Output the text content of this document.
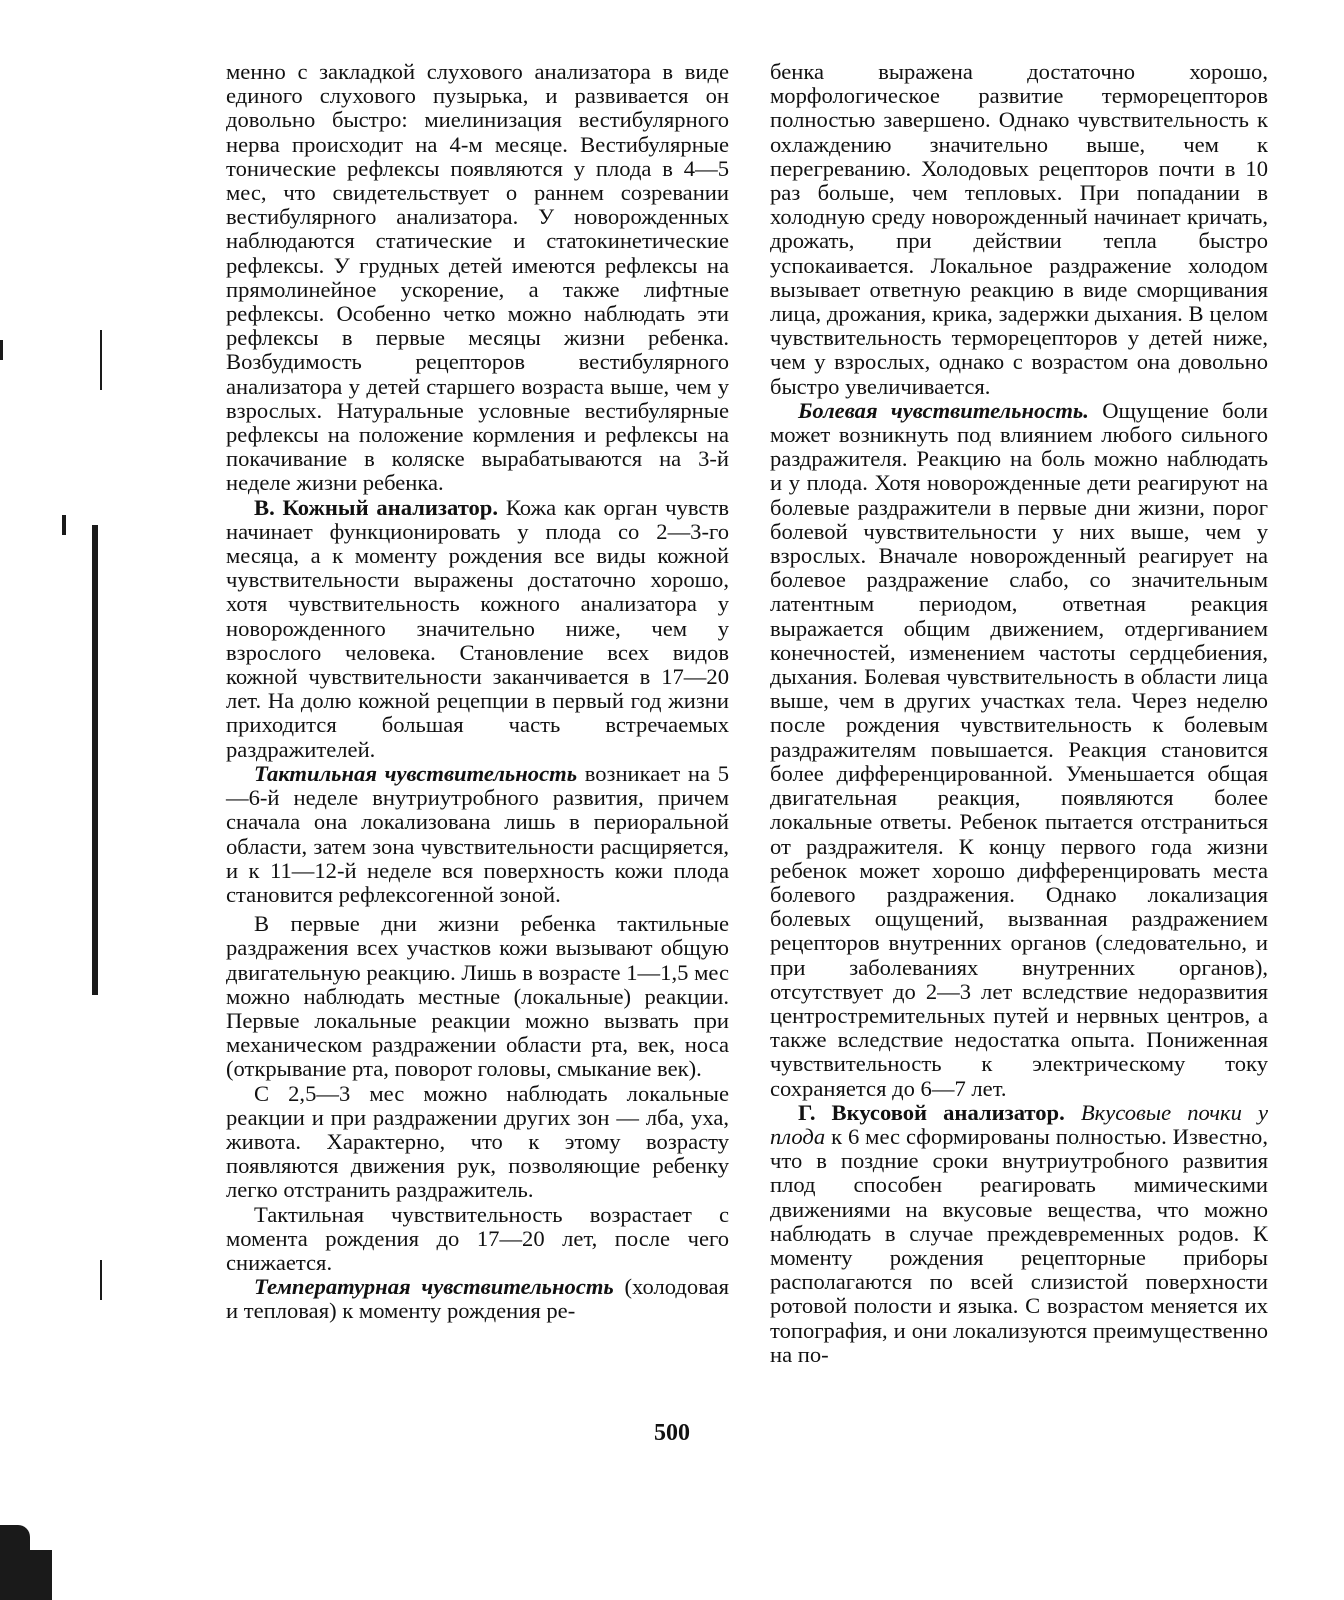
менно с закладкой слухового анализатора в виде единого слухового пузырька, и развивается он довольно быстро: миелинизация вестибулярного нерва происходит на 4-м месяце. Вестибулярные тонические рефлексы появляются у плода в 4—5 мес, что свидетельствует о раннем созревании вестибулярного анализатора. У новорожденных наблюдаются статические и статокинетические рефлексы. У грудных детей имеются рефлексы на прямолинейное ускорение, а также лифтные рефлексы. Особенно четко можно наблюдать эти рефлексы в первые месяцы жизни ребенка. Возбудимость рецепторов вестибулярного анализатора у детей старшего возраста выше, чем у взрослых. Натуральные условные вестибулярные рефлексы на положение кормления и рефлексы на покачивание в коляске вырабатываются на 3-й неделе жизни ребенка.

В. Кожный анализатор. Кожа как орган чувств начинает функционировать у плода со 2—3-го месяца, а к моменту рождения все виды кожной чувствительности выражены достаточно хорошо, хотя чувствительность кожного анализатора у новорожденного значительно ниже, чем у взрослого человека. Становление всех видов кожной чувствительности заканчивается в 17—20 лет. На долю кожной рецепции в первый год жизни приходится большая часть встречаемых раздражителей.

Тактильная чувствительность возникает на 5—6-й неделе внутриутробного развития, причем сначала она локализована лишь в периоральной области, затем зона чувствительности расщиряется, и к 11—12-й неделе вся поверхность кожи плода становится рефлексогенной зоной.

В первые дни жизни ребенка тактильные раздражения всех участков кожи вызывают общую двигательную реакцию. Лишь в возрасте 1—1,5 мес можно наблюдать местные (локальные) реакции. Первые локальные реакции можно вызвать при механическом раздражении области рта, век, носа (открывание рта, поворот головы, смыкание век).

С 2,5—3 мес можно наблюдать локальные реакции и при раздражении других зон — лба, уха, живота. Характерно, что к этому возрасту появляются движения рук, позволяющие ребенку легко отстранить раздражитель.

Тактильная чувствительность возрастает с момента рождения до 17—20 лет, после чего снижается.

Температурная чувствительность (холодовая и тепловая) к моменту рождения ре-

бенка выражена достаточно хорошо, морфологическое развитие терморецепторов полностью завершено. Однако чувствительность к охлаждению значительно выше, чем к перегреванию. Холодовых рецепторов почти в 10 раз больше, чем тепловых. При попадании в холодную среду новорожденный начинает кричать, дрожать, при действии тепла быстро успокаивается. Локальное раздражение холодом вызывает ответную реакцию в виде сморщивания лица, дрожания, крика, задержки дыхания. В целом чувствительность терморецепторов у детей ниже, чем у взрослых, однако с возрастом она довольно быстро увеличивается.

Болевая чувствительность. Ощущение боли может возникнуть под влиянием любого сильного раздражителя. Реакцию на боль можно наблюдать и у плода. Хотя новорожденные дети реагируют на болевые раздражители в первые дни жизни, порог болевой чувствительности у них выше, чем у взрослых. Вначале новорожденный реагирует на болевое раздражение слабо, со значительным латентным периодом, ответная реакция выражается общим движением, отдергиванием конечностей, изменением частоты сердцебиения, дыхания. Болевая чувствительность в области лица выше, чем в других участках тела. Через неделю после рождения чувствительность к болевым раздражителям повышается. Реакция становится более дифференцированной. Уменьшается общая двигательная реакция, появляются более локальные ответы. Ребенок пытается отстраниться от раздражителя. К концу первого года жизни ребенок может хорошо дифференцировать места болевого раздражения. Однако локализация болевых ощущений, вызванная раздражением рецепторов внутренних органов (следовательно, и при заболеваниях внутренних органов), отсутствует до 2—3 лет вследствие недоразвития центростремительных путей и нервных центров, а также вследствие недостатка опыта. Пониженная чувствительность к электрическому току сохраняется до 6—7 лет.

Г. Вкусовой анализатор. Вкусовые почки у плода к 6 мес сформированы полностью. Известно, что в поздние сроки внутриутробного развития плод способен реагировать мимическими движениями на вкусовые вещества, что можно наблюдать в случае преждевременных родов. К моменту рождения рецепторные приборы располагаются по всей слизистой поверхности ротовой полости и языка. С возрастом меняется их топография, и они локализуются преимущественно на по-

500
